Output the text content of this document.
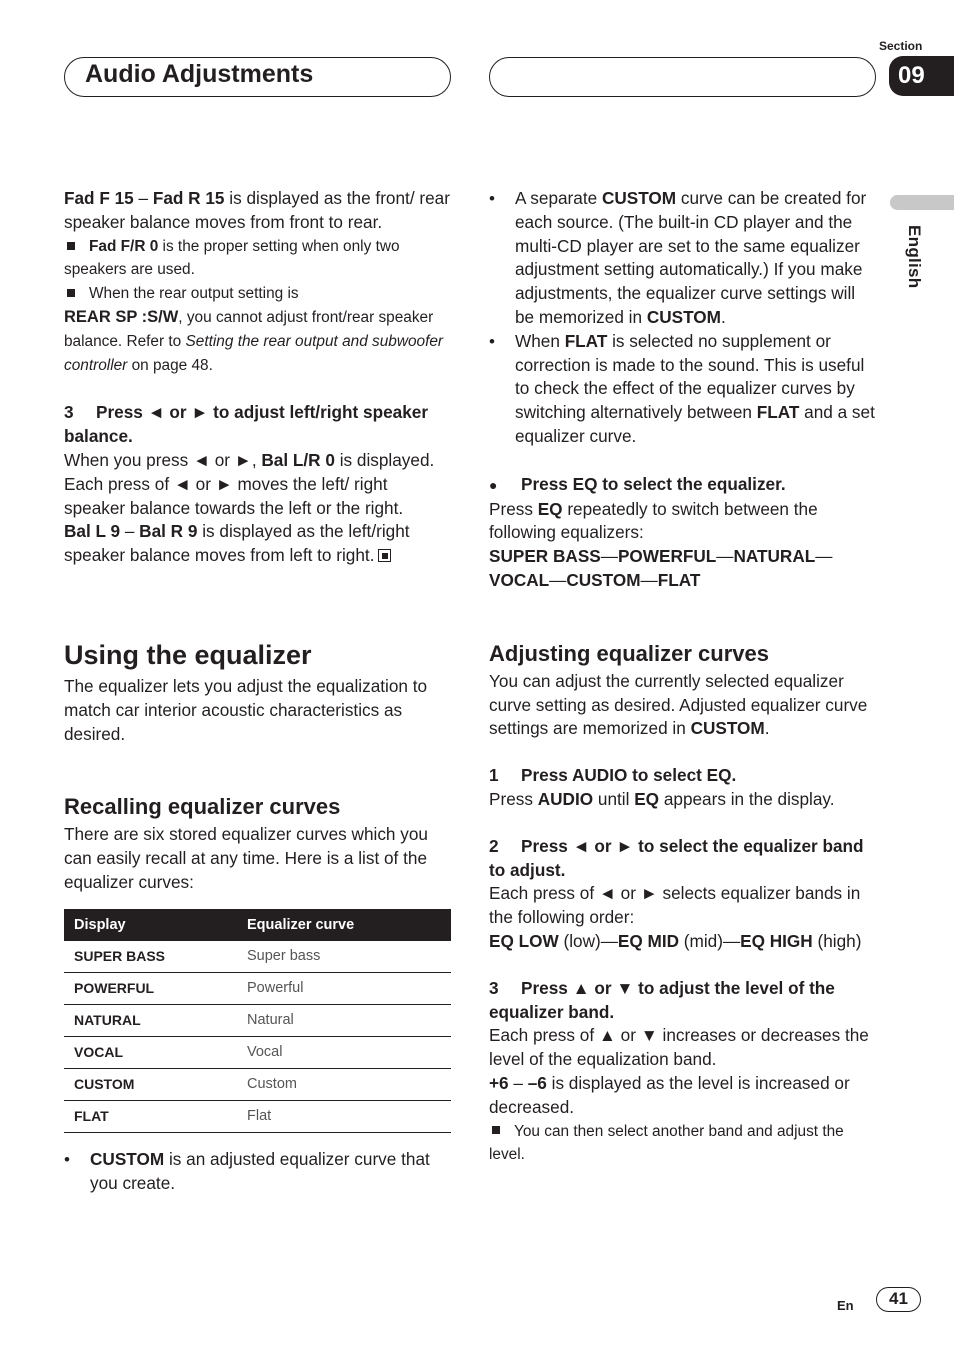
Audio Adjustments
Section
09
English

Fad F 15 – Fad R 15 is displayed as the front/ rear speaker balance moves from front to rear.

Fad F/R 0 is the proper setting when only two speakers are used.

When the rear output setting is
REAR SP :S/W, you cannot adjust front/rear speaker balance. Refer to Setting the rear output and subwoofer controller on page 48.

3 Press ◄ or ► to adjust left/right speaker balance.

When you press ◄ or ►, Bal L/R 0 is displayed. Each press of ◄ or ► moves the left/ right speaker balance towards the left or the right.

Bal L 9 – Bal R 9 is displayed as the left/right speaker balance moves from left to right.

Using the equalizer

The equalizer lets you adjust the equalization to match car interior acoustic characteristics as desired.

Recalling equalizer curves

There are six stored equalizer curves which you can easily recall at any time. Here is a list of the equalizer curves:

Display	Equalizer curve
SUPER BASS	Super bass
POWERFUL	Powerful
NATURAL	Natural
VOCAL	Vocal
CUSTOM	Custom
FLAT	Flat
•	CUSTOM is an adjusted equalizer curve that you create.

•	A separate CUSTOM curve can be created for each source. (The built-in CD player and the multi-CD player are set to the same equalizer adjustment setting automatically.) If you make adjustments, the equalizer curve settings will be memorized in CUSTOM.

•	When FLAT is selected no supplement or correction is made to the sound. This is useful to check the effect of the equalizer curves by switching alternatively between FLAT and a set equalizer curve.

● Press EQ to select the equalizer.

Press EQ repeatedly to switch between the following equalizers:

SUPER BASS—POWERFUL—NATURAL—
VOCAL—CUSTOM—FLAT

Adjusting equalizer curves

You can adjust the currently selected equalizer curve setting as desired. Adjusted equalizer curve settings are memorized in CUSTOM.

1 Press AUDIO to select EQ.

Press AUDIO until EQ appears in the display.

2 Press ◄ or ► to select the equalizer band to adjust.

Each press of ◄ or ► selects equalizer bands in the following order:

EQ LOW (low)—EQ MID (mid)—EQ HIGH (high)

3 Press ▲ or ▼ to adjust the level of the equalizer band.

Each press of ▲ or ▼ increases or decreases the level of the equalization band.

+6 – –6 is displayed as the level is increased or decreased.

You can then select another band and adjust the level.

En	41
